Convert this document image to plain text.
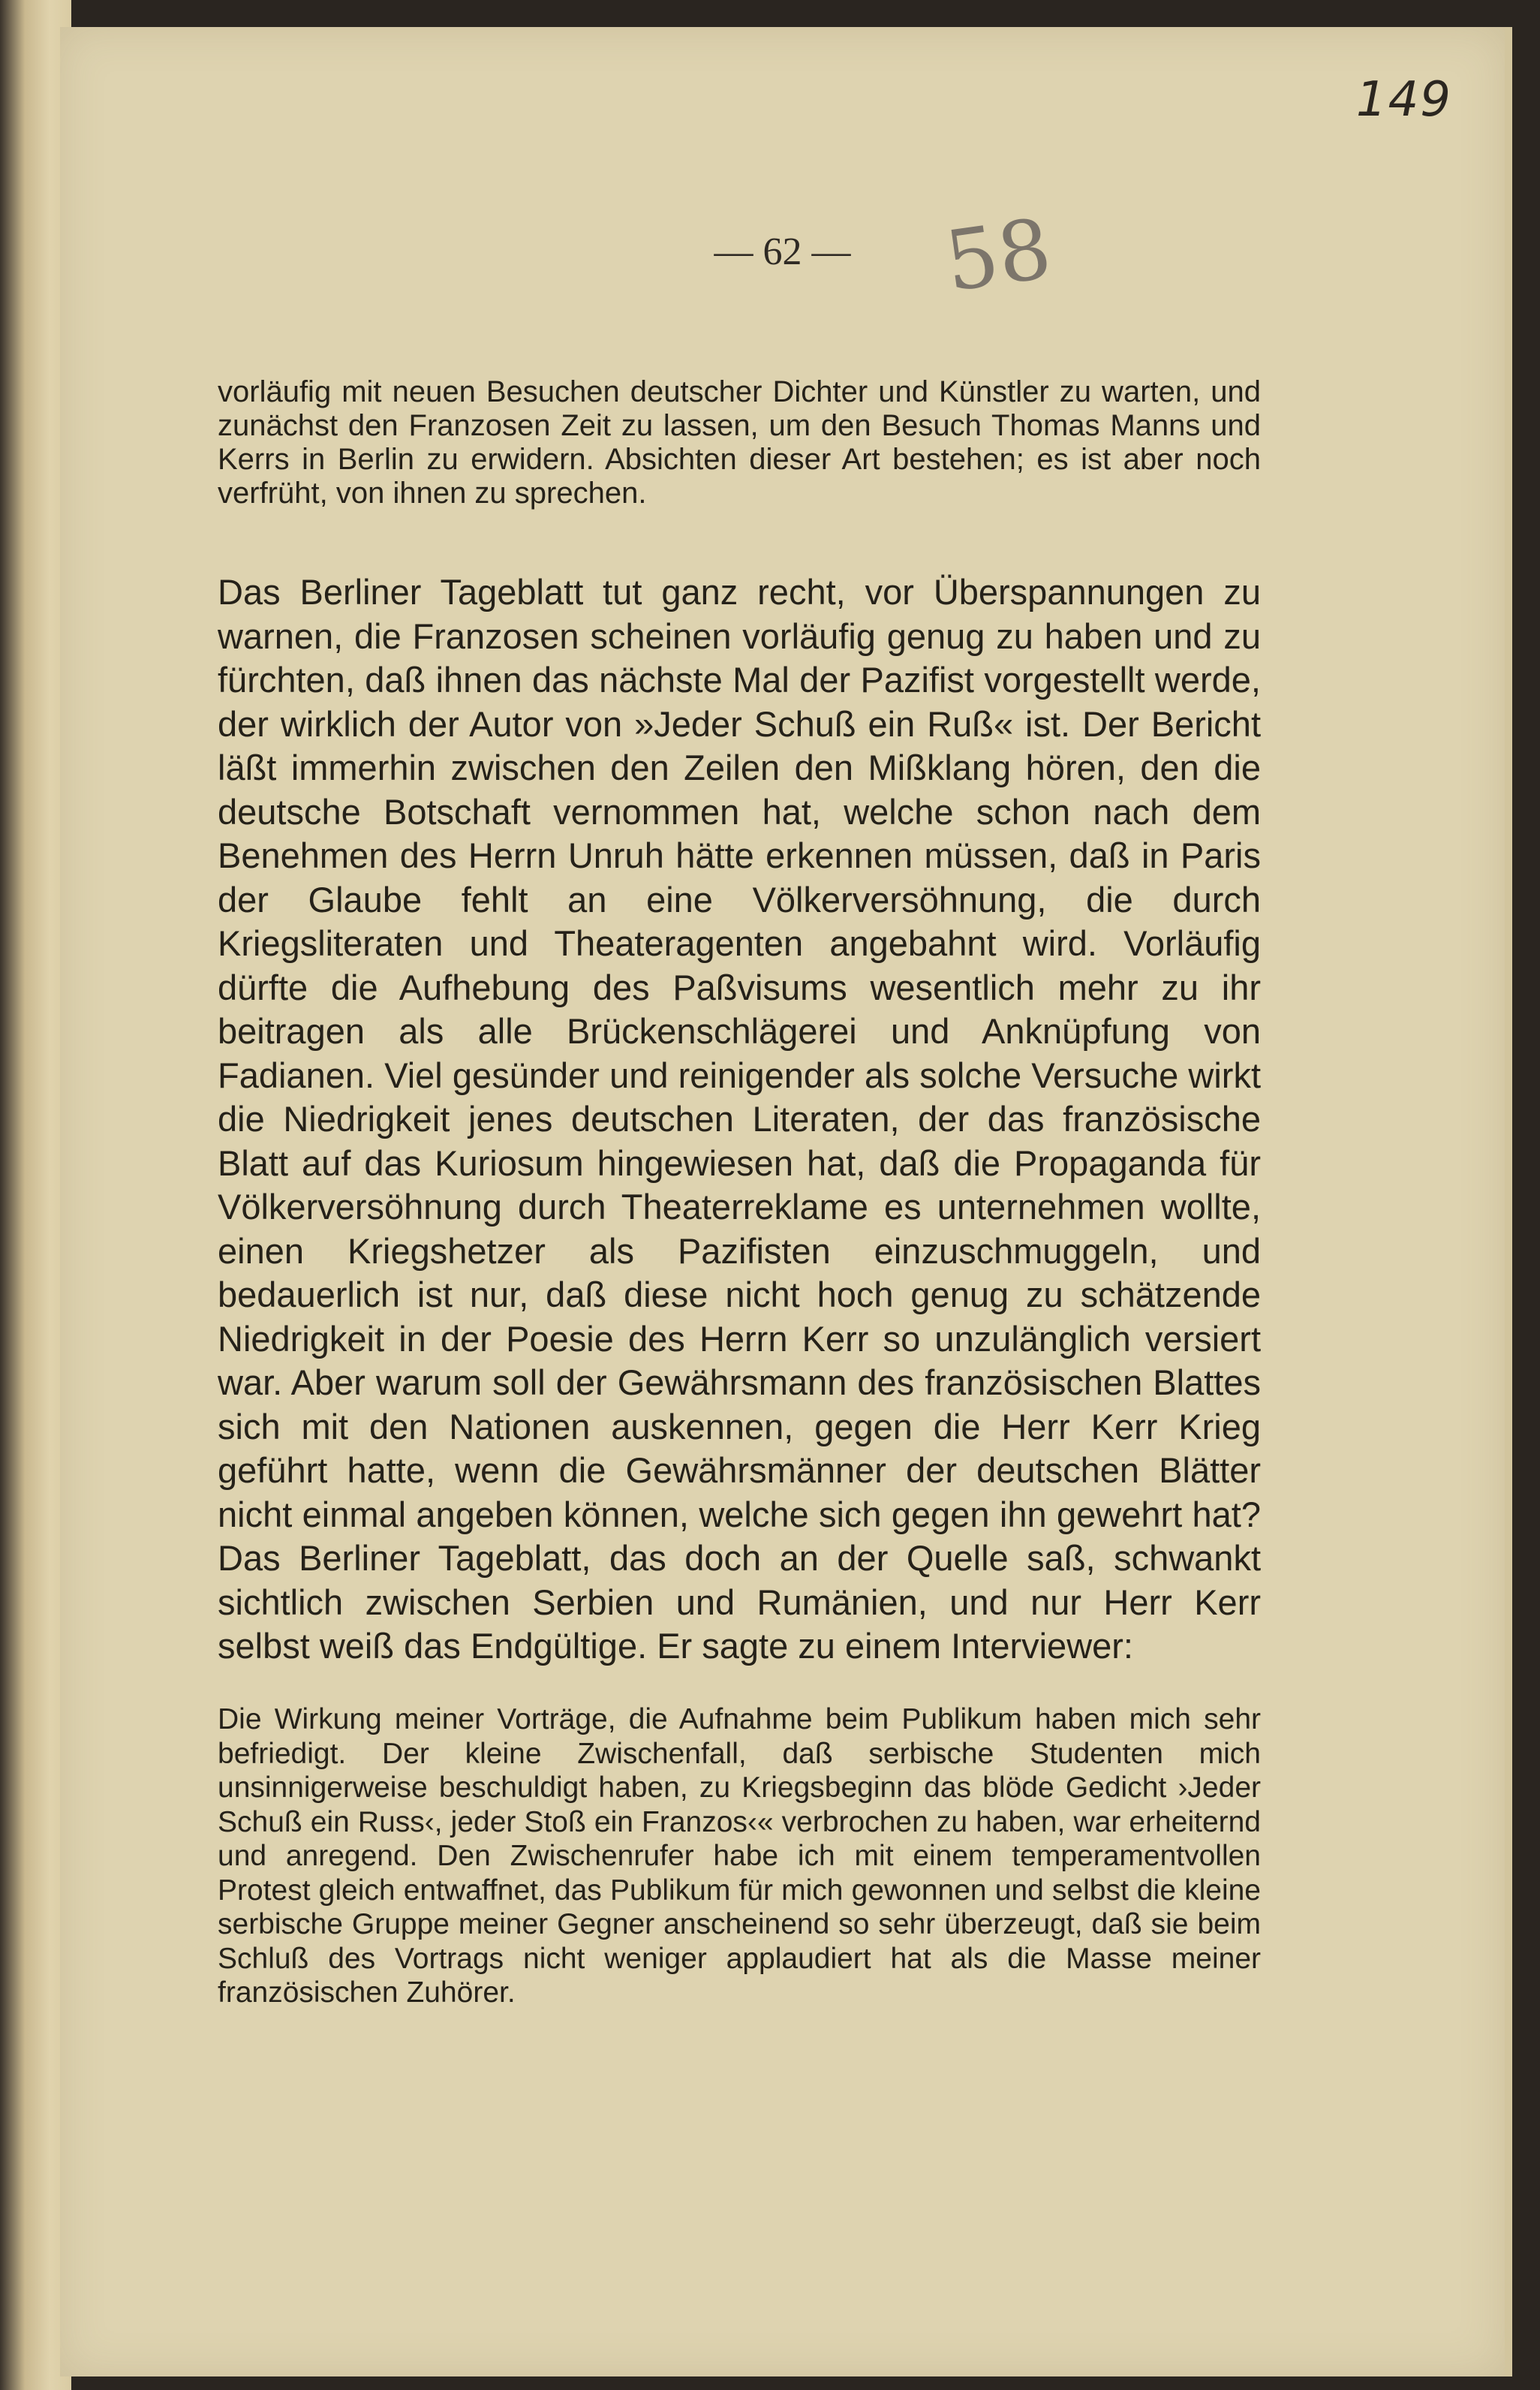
149
— 62 —	58

vorläufig mit neuen Besuchen deutscher Dichter und Künstler zu warten, und zunächst den Franzosen Zeit zu lassen, um den Besuch Thomas Manns und Kerrs in Berlin zu erwidern. Absichten dieser Art bestehen; es ist aber noch verfrüht, von ihnen zu sprechen.

Das Berliner Tageblatt tut ganz recht, vor Überspannungen zu warnen, die Franzosen scheinen vorläufig genug zu haben und zu fürchten, daß ihnen das nächste Mal der Pazifist vorgestellt werde, der wirklich der Autor von »Jeder Schuß ein Ruß« ist. Der Bericht läßt immerhin zwischen den Zeilen den Mißklang hören, den die deutsche Botschaft vernommen hat, welche schon nach dem Benehmen des Herrn Unruh hätte erkennen müssen, daß in Paris der Glaube fehlt an eine Völkerversöhnung, die durch Kriegsliteraten und Theateragenten angebahnt wird. Vorläufig dürfte die Aufhebung des Paßvisums wesentlich mehr zu ihr beitragen als alle Brückenschlägerei und Anknüpfung von Fadianen. Viel gesünder und reinigender als solche Versuche wirkt die Niedrigkeit jenes deutschen Literaten, der das französische Blatt auf das Kuriosum hingewiesen hat, daß die Propaganda für Völkerversöhnung durch Theaterreklame es unternehmen wollte, einen Kriegshetzer als Pazifisten einzuschmuggeln, und bedauerlich ist nur, daß diese nicht hoch genug zu schätzende Niedrigkeit in der Poesie des Herrn Kerr so unzulänglich versiert war. Aber warum soll der Gewährsmann des französischen Blattes sich mit den Nationen auskennen, gegen die Herr Kerr Krieg geführt hatte, wenn die Gewährsmänner der deutschen Blätter nicht einmal angeben können, welche sich gegen ihn gewehrt hat? Das Berliner Tageblatt, das doch an der Quelle saß, schwankt sichtlich zwischen Serbien und Rumänien, und nur Herr Kerr selbst weiß das Endgültige. Er sagte zu einem Interviewer:

Die Wirkung meiner Vorträge, die Aufnahme beim Publikum haben mich sehr befriedigt. Der kleine Zwischenfall, daß serbische Studenten mich unsinnigerweise beschuldigt haben, zu Kriegsbeginn das blöde Gedicht ›Jeder Schuß ein Russ‹, jeder Stoß ein Franzos‹« verbrochen zu haben, war erheiternd und anregend. Den Zwischenrufer habe ich mit einem temperamentvollen Protest gleich entwaffnet, das Publikum für mich gewonnen und selbst die kleine serbische Gruppe meiner Gegner anscheinend so sehr überzeugt, daß sie beim Schluß des Vortrags nicht weniger applaudiert hat als die Masse meiner französischen Zuhörer.
